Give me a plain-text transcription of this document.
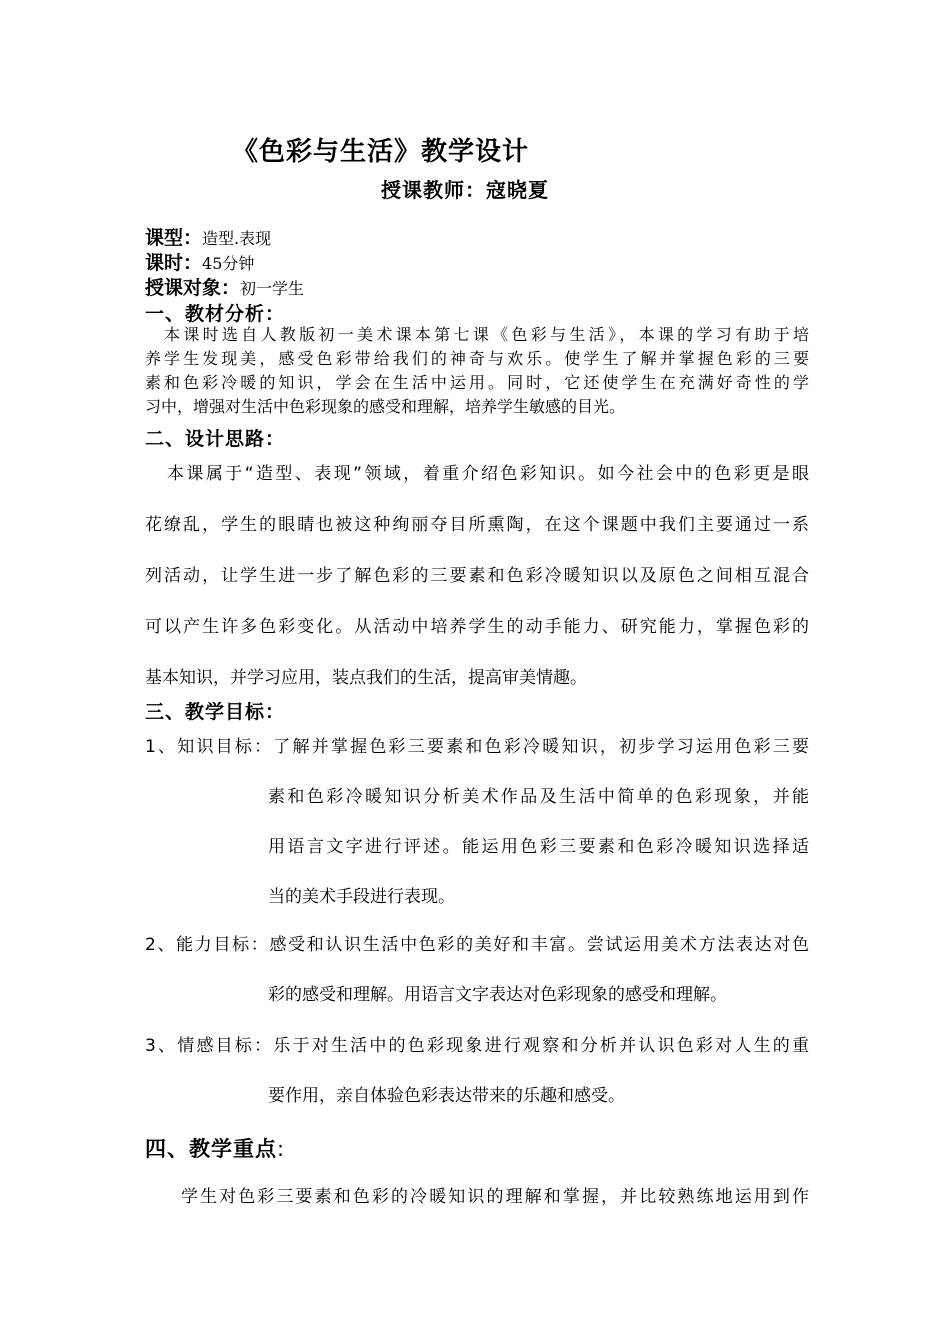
《色彩与生活》教学设计
授课教师：寇晓夏
课型：造型.表现
课时：45分钟
授课对象：初一学生
一、教材分析：
本课时选自人教版初一美术课本第七课《色彩与生活》，本课的学习有助于培
养学生发现美，感受色彩带给我们的神奇与欢乐。使学生了解并掌握色彩的三要
素和色彩冷暖的知识，学会在生活中运用。同时，它还使学生在充满好奇性的学
习中，增强对生活中色彩现象的感受和理解，培养学生敏感的目光。
二、设计思路：
本课属于“造型、表现”领域，着重介绍色彩知识。如今社会中的色彩更是眼
花缭乱，学生的眼睛也被这种绚丽夺目所熏陶，在这个课题中我们主要通过一系
列活动，让学生进一步了解色彩的三要素和色彩冷暖知识以及原色之间相互混合
可以产生许多色彩变化。从活动中培养学生的动手能力、研究能力，掌握色彩的
基本知识，并学习应用，装点我们的生活，提高审美情趣。
三、教学目标：
1、知识目标：了解并掌握色彩三要素和色彩冷暖知识，初步学习运用色彩三要
素和色彩冷暖知识分析美术作品及生活中简单的色彩现象，并能
用语言文字进行评述。能运用色彩三要素和色彩冷暖知识选择适
当的美术手段进行表现。
2、能力目标：感受和认识生活中色彩的美好和丰富。尝试运用美术方法表达对色
彩的感受和理解。用语言文字表达对色彩现象的感受和理解。
3、情感目标：乐于对生活中的色彩现象进行观察和分析并认识色彩对人生的重
要作用，亲自体验色彩表达带来的乐趣和感受。
四、教学重点:
学生对色彩三要素和色彩的冷暖知识的理解和掌握，并比较熟练地运用到作
